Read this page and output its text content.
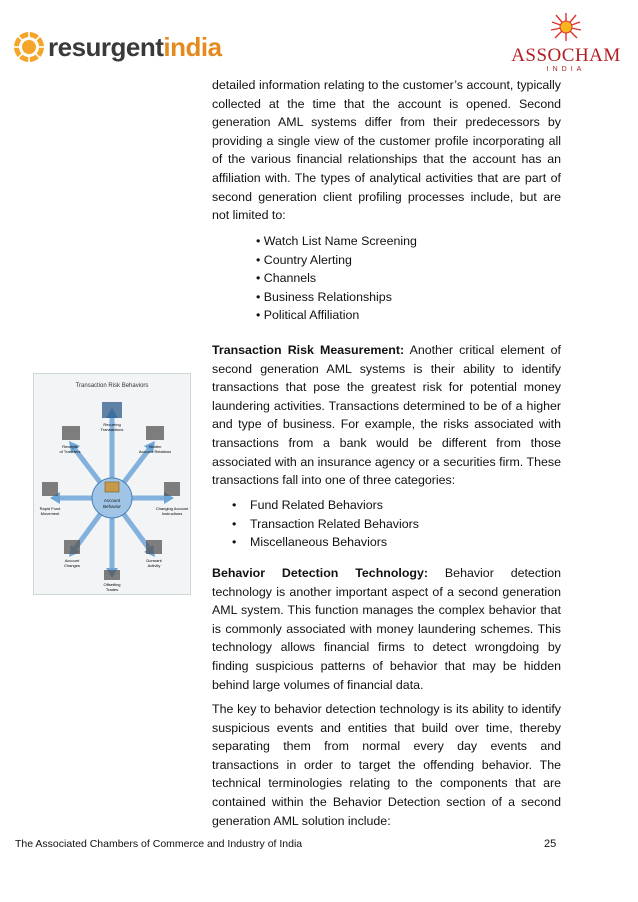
resurgentindia	ASSOCHAM
INDIA

detailed information relating to the customer’s account, typically collected at the time that the account is opened. Second generation AML systems differ from their predecessors by providing a single view of the customer profile incorporating all of the various financial relationships that the account has an affiliation with. The types of analytical activities that are part of second generation client profiling processes include, but are not limited to:

• Watch List Name Screening
• Country Alerting
• Channels
• Business Relationships
• Political Affiliation

Transaction Risk Measurement: Another critical element of second generation AML systems is their ability to identify transactions that pose the greatest risk for potential money laundering activities. Transactions determined to be of a higher and type of business. For example, the risks associated with transactions from a bank would be different from those associated with an insurance agency or a securities firm. These transactions fall into one of three categories:

• Fund Related Behaviors
• Transaction Related Behaviors
• Miscellaneous Behaviors

Behavior Detection Technology: Behavior detection technology is another important aspect of a second generation AML system. This function manages the complex behavior that is commonly associated with money laundering schemes. This technology allows financial firms to detect wrongdoing by finding suspicious patterns of behavior that may be hidden behind large volumes of financial data.

The key to behavior detection technology is its ability to identify suspicious events and entities that build over time, thereby separating them from normal every day events and transactions in order to target the offending behavior. The technical terminologies relating to the components that are contained within the Behavior Detection section of a second generation AML solution include:

Transaction Risk Behaviors
Account
Behavior
Recurring
Transactions
Receipts
of Transfers
Hidden
Account Relations
Rapid Fund
Movement
Changing Account
Instructions
Account
Changes
Dormant
Activity
Offsetting
Trades
The Associated Chambers of Commerce and Industry of India	25
